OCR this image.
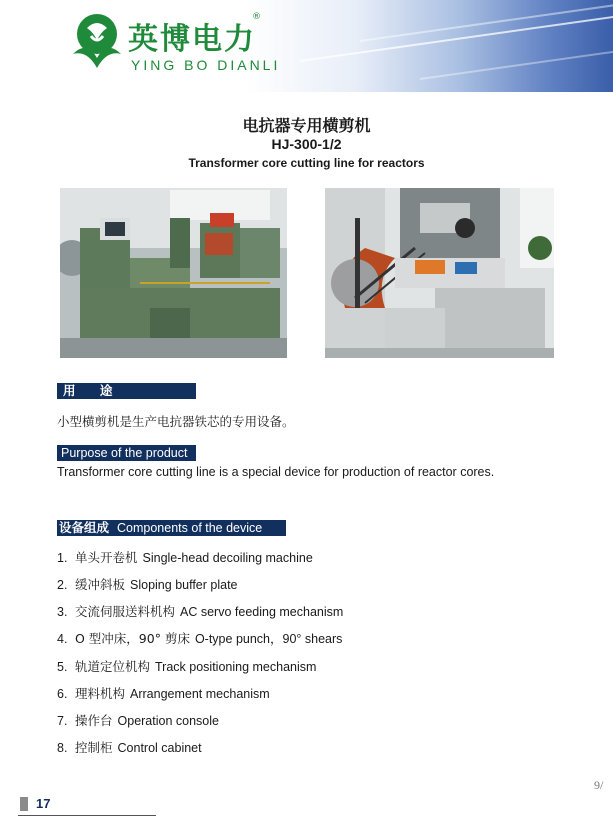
英博电力
®
YING BO DIANLI
电抗器专用横剪机
HJ-300-1/2
Transformer core cutting line for reactors
用 途
小型横剪机是生产电抗器铁芯的专用设备。
Purpose of the product
Transformer core cutting line is a special device for production of reactor cores.
设备组成 Components of the device
1. 单头开卷机 Single-head decoiling machine
2. 缓冲斜板 Sloping buffer plate
3. 交流伺服送料机构 AC servo feeding mechanism
4. O 型冲床，90° 剪床 O-type punch，90° shears
5. 轨道定位机构 Track positioning mechanism
6. 理料机构 Arrangement mechanism
7. 操作台 Operation console
8. 控制柜 Control cabinet
9/
17
